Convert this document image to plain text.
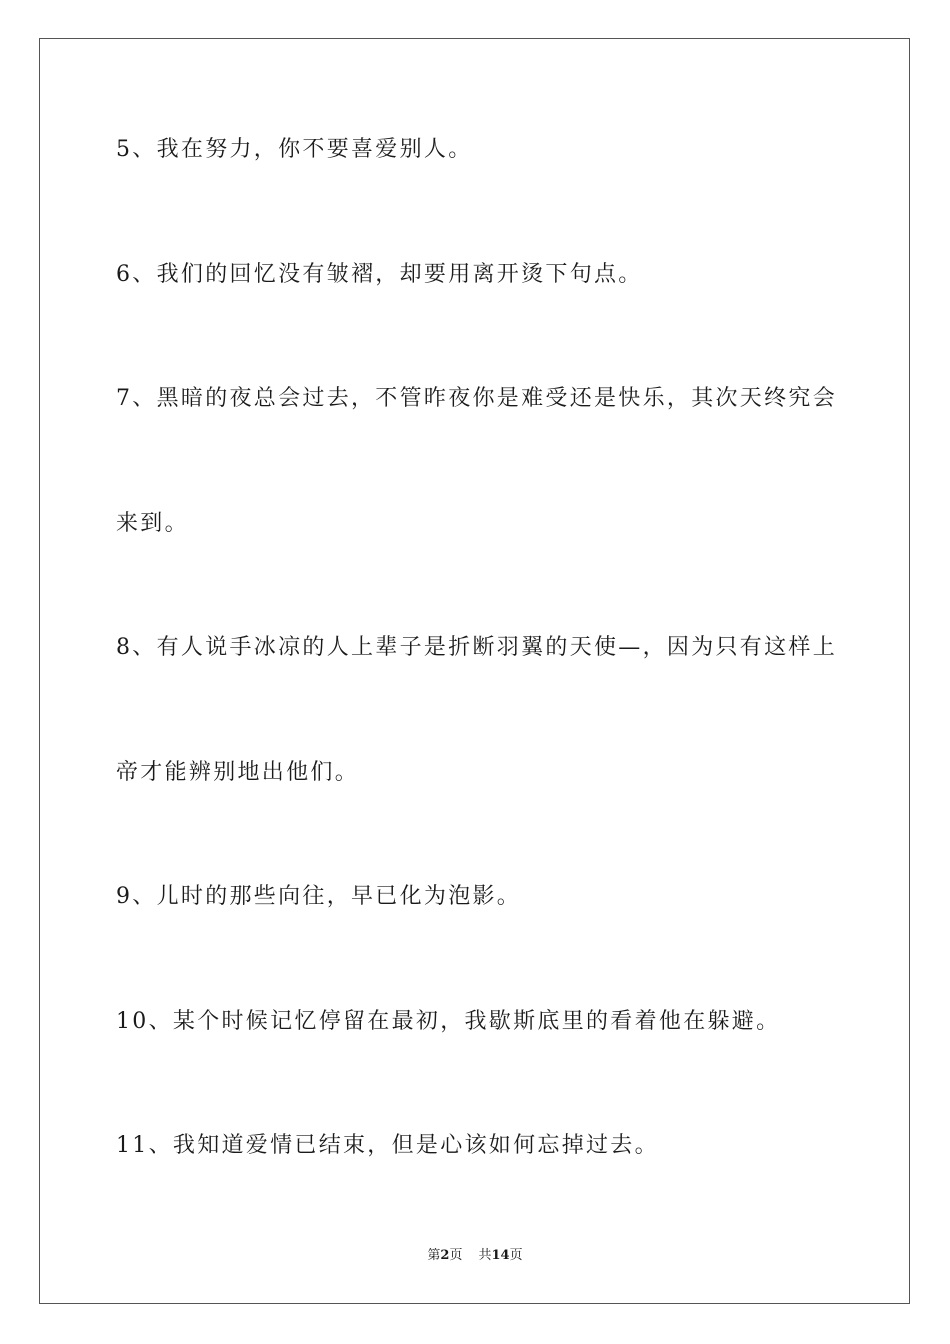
5、我在努力，你不要喜爱别人。
6、我们的回忆没有皱褶，却要用离开烫下句点。
7、黑暗的夜总会过去，不管昨夜你是难受还是快乐，其次天终究会
来到。
8、有人说手冰凉的人上辈子是折断羽翼的天使—，因为只有这样上
帝才能辨别地出他们。
9、儿时的那些向往，早已化为泡影。
10、某个时候记忆停留在最初，我歇斯底里的看着他在躲避。
11、我知道爱情已结束，但是心该如何忘掉过去。
第2页 共14页
